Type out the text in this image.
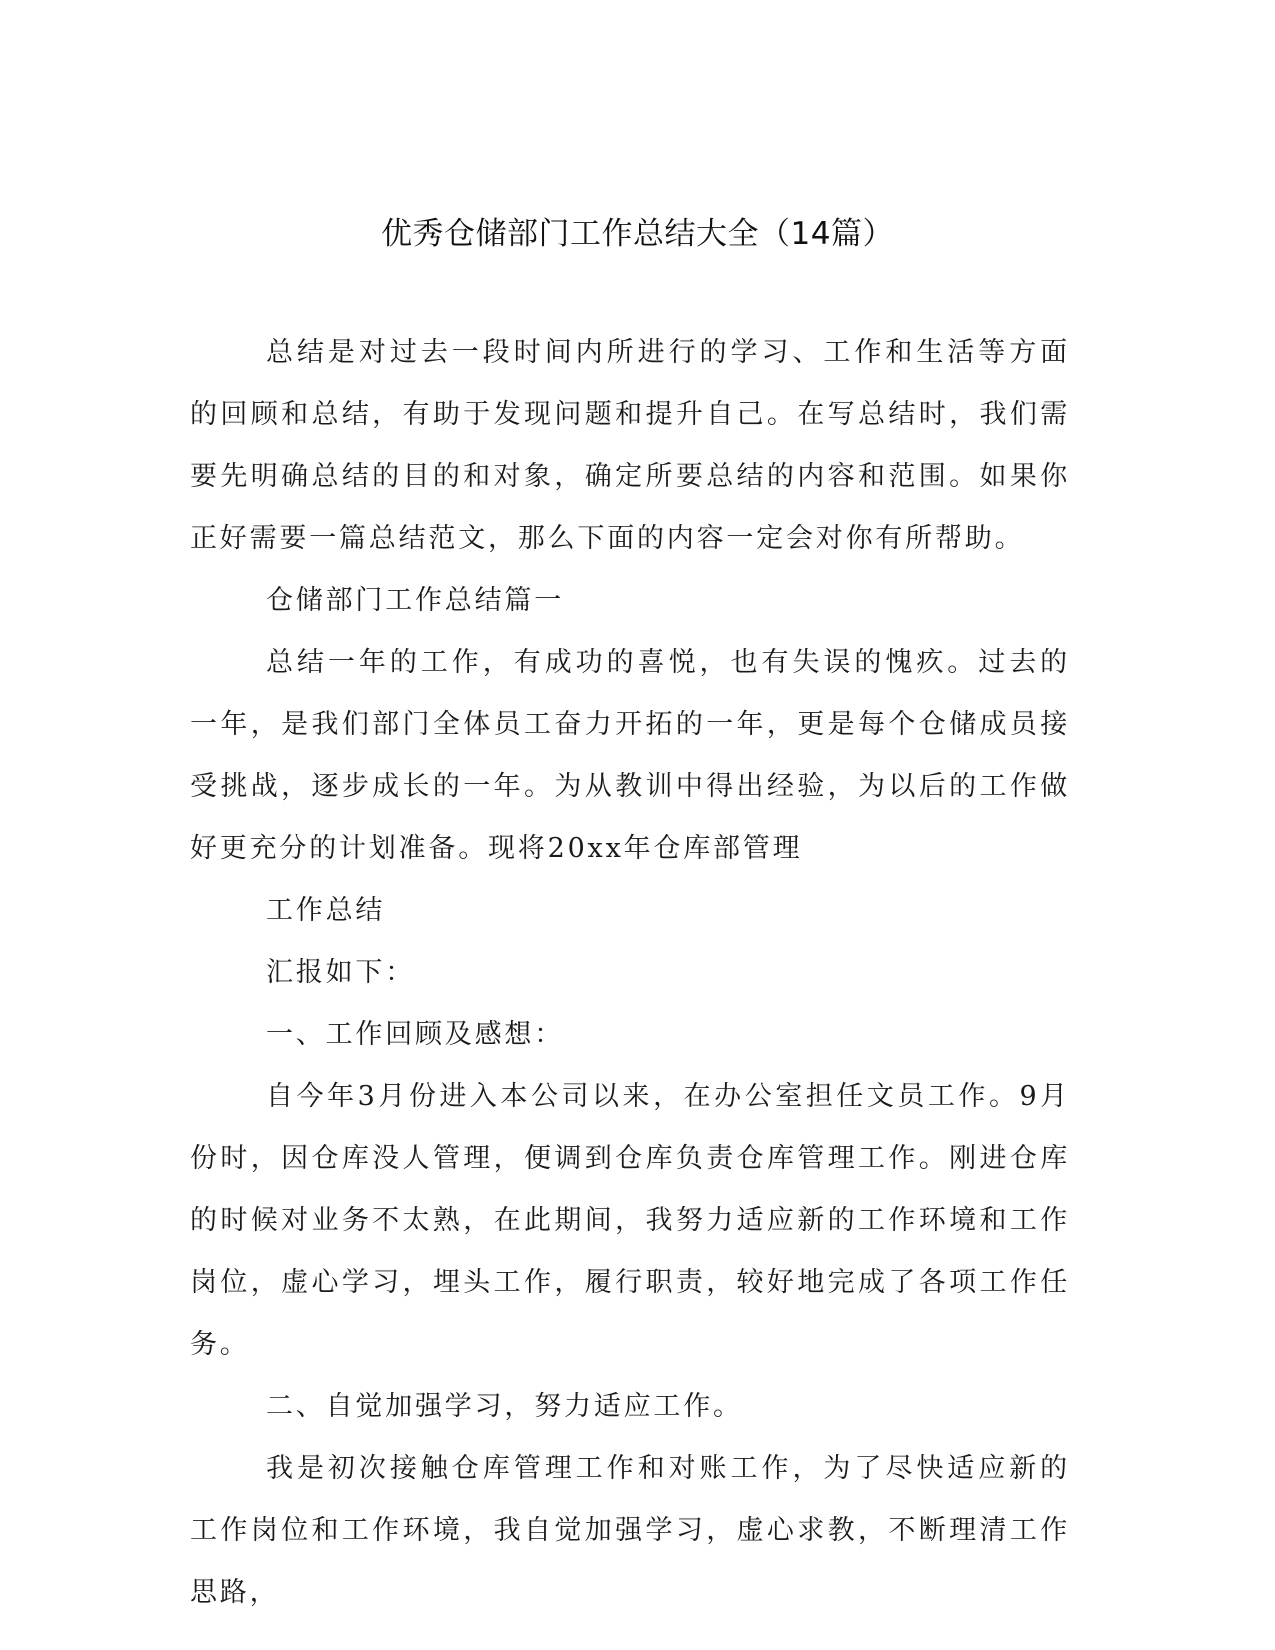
优秀仓储部门工作总结大全（14篇）

总结是对过去一段时间内所进行的学习、工作和生活等方面的回顾和总结，有助于发现问题和提升自己。在写总结时，我们需要先明确总结的目的和对象，确定所要总结的内容和范围。如果你正好需要一篇总结范文，那么下面的内容一定会对你有所帮助。

仓储部门工作总结篇一

总结一年的工作，有成功的喜悦，也有失误的愧疚。过去的一年，是我们部门全体员工奋力开拓的一年，更是每个仓储成员接受挑战，逐步成长的一年。为从教训中得出经验，为以后的工作做好更充分的计划准备。现将20xx年仓库部管理

工作总结

汇报如下：

一、工作回顾及感想：

自今年3月份进入本公司以来，在办公室担任文员工作。9月份时，因仓库没人管理，便调到仓库负责仓库管理工作。刚进仓库的时候对业务不太熟，在此期间，我努力适应新的工作环境和工作岗位，虚心学习，埋头工作，履行职责，较好地完成了各项工作任务。

二、自觉加强学习，努力适应工作。

我是初次接触仓库管理工作和对账工作，为了尽快适应新的工作岗位和工作环境，我自觉加强学习，虚心求教，不断理清工作思路，
